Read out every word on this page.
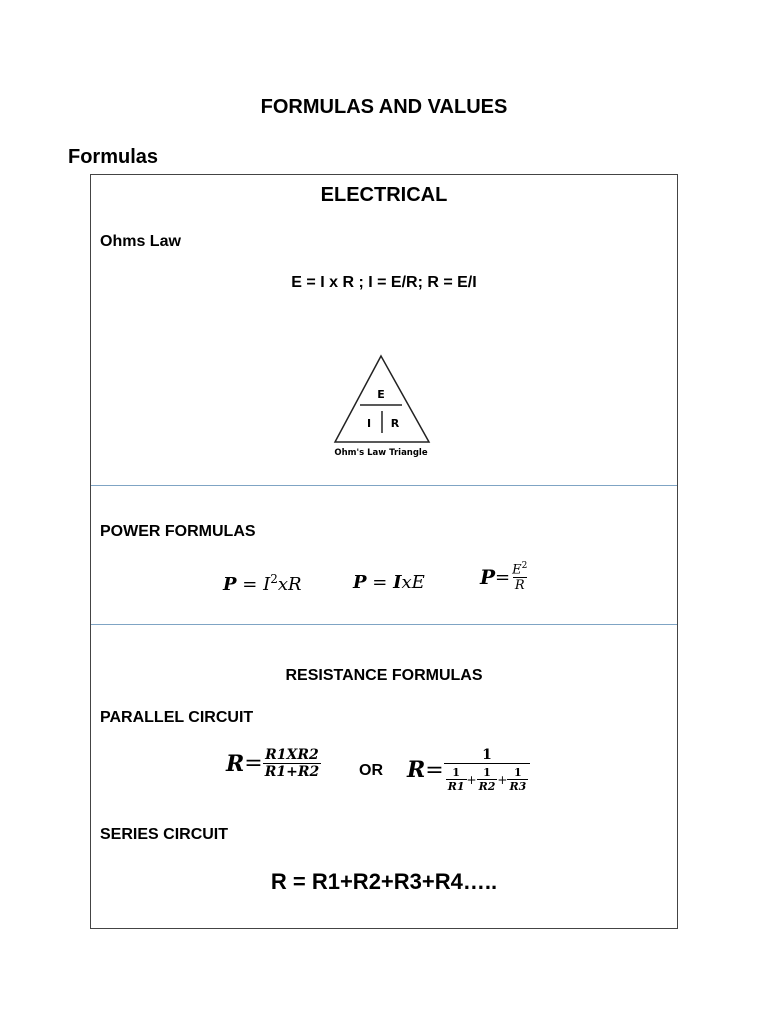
FORMULAS AND VALUES
Formulas
ELECTRICAL
Ohms Law
E = I x R ; I = E/R; R = E/I
E
I R
Ohm's Law Triangle
POWER FORMULAS
$P = I^2xR$	P = IxE	$P = \frac{E^2}{R}$
RESISTANCE FORMULAS
PARALLEL CIRCUIT
$R = \frac{R1XR2}{R1+R2}$ OR $R = \frac{1}{\frac{1}{R1} + \frac{1}{R2} + \frac{1}{R3}}$
SERIES CIRCUIT
R = R1+R2+R3+R4…..
